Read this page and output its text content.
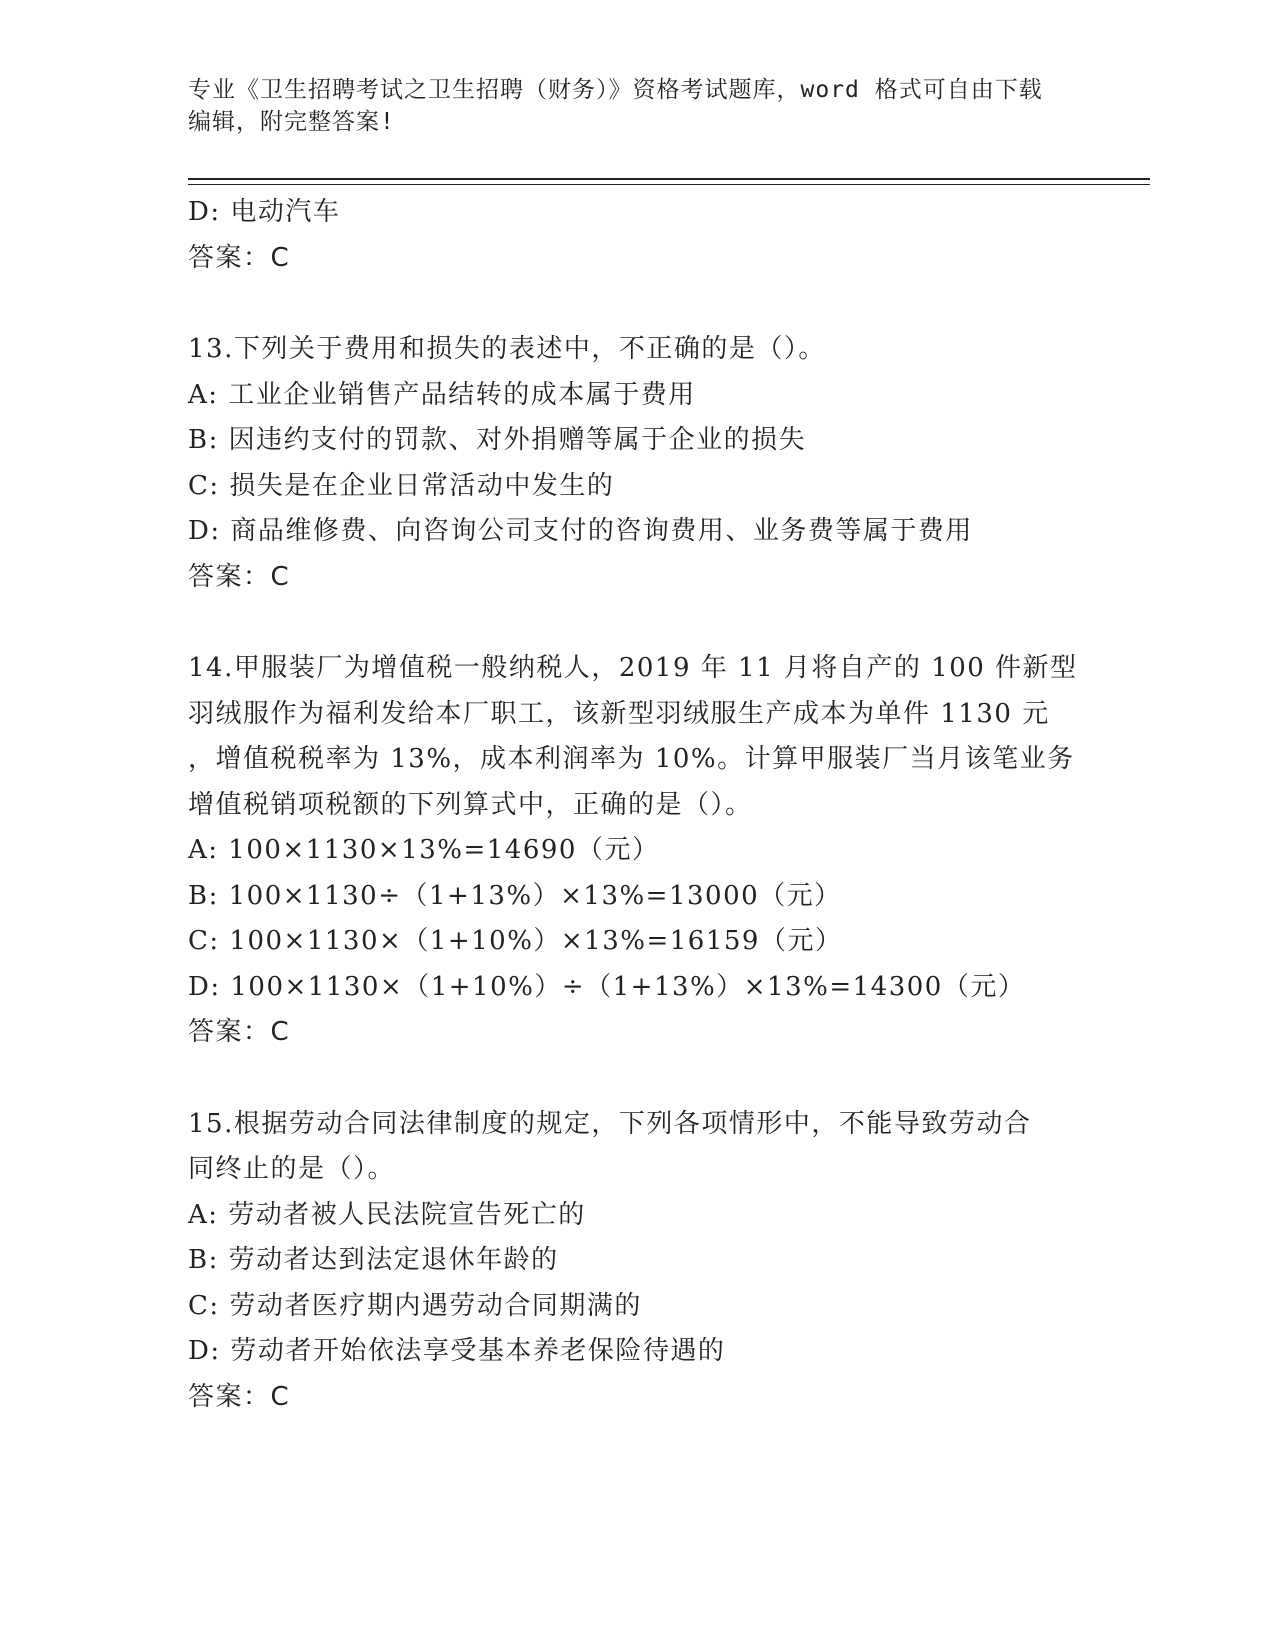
专业《卫生招聘考试之卫生招聘（财务）》资格考试题库，word 格式可自由下载
编辑，附完整答案!
D: 电动汽车
答案：C
13.下列关于费用和损失的表述中，不正确的是（）。
A: 工业企业销售产品结转的成本属于费用
B: 因违约支付的罚款、对外捐赠等属于企业的损失
C: 损失是在企业日常活动中发生的
D: 商品维修费、向咨询公司支付的咨询费用、业务费等属于费用
答案：C
14.甲服装厂为增值税一般纳税人，2019 年 11 月将自产的 100 件新型
羽绒服作为福利发给本厂职工，该新型羽绒服生产成本为单件 1130 元
，增值税税率为 13%，成本利润率为 10%。计算甲服装厂当月该笔业务
增值税销项税额的下列算式中，正确的是（）。
A: 100×1130×13%=14690（元）
B: 100×1130÷（1+13%）×13%=13000（元）
C: 100×1130×（1+10%）×13%=16159（元）
D: 100×1130×（1+10%）÷（1+13%）×13%=14300（元）
答案：C
15.根据劳动合同法律制度的规定，下列各项情形中，不能导致劳动合
同终止的是（）。
A: 劳动者被人民法院宣告死亡的
B: 劳动者达到法定退休年龄的
C: 劳动者医疗期内遇劳动合同期满的
D: 劳动者开始依法享受基本养老保险待遇的
答案：C
